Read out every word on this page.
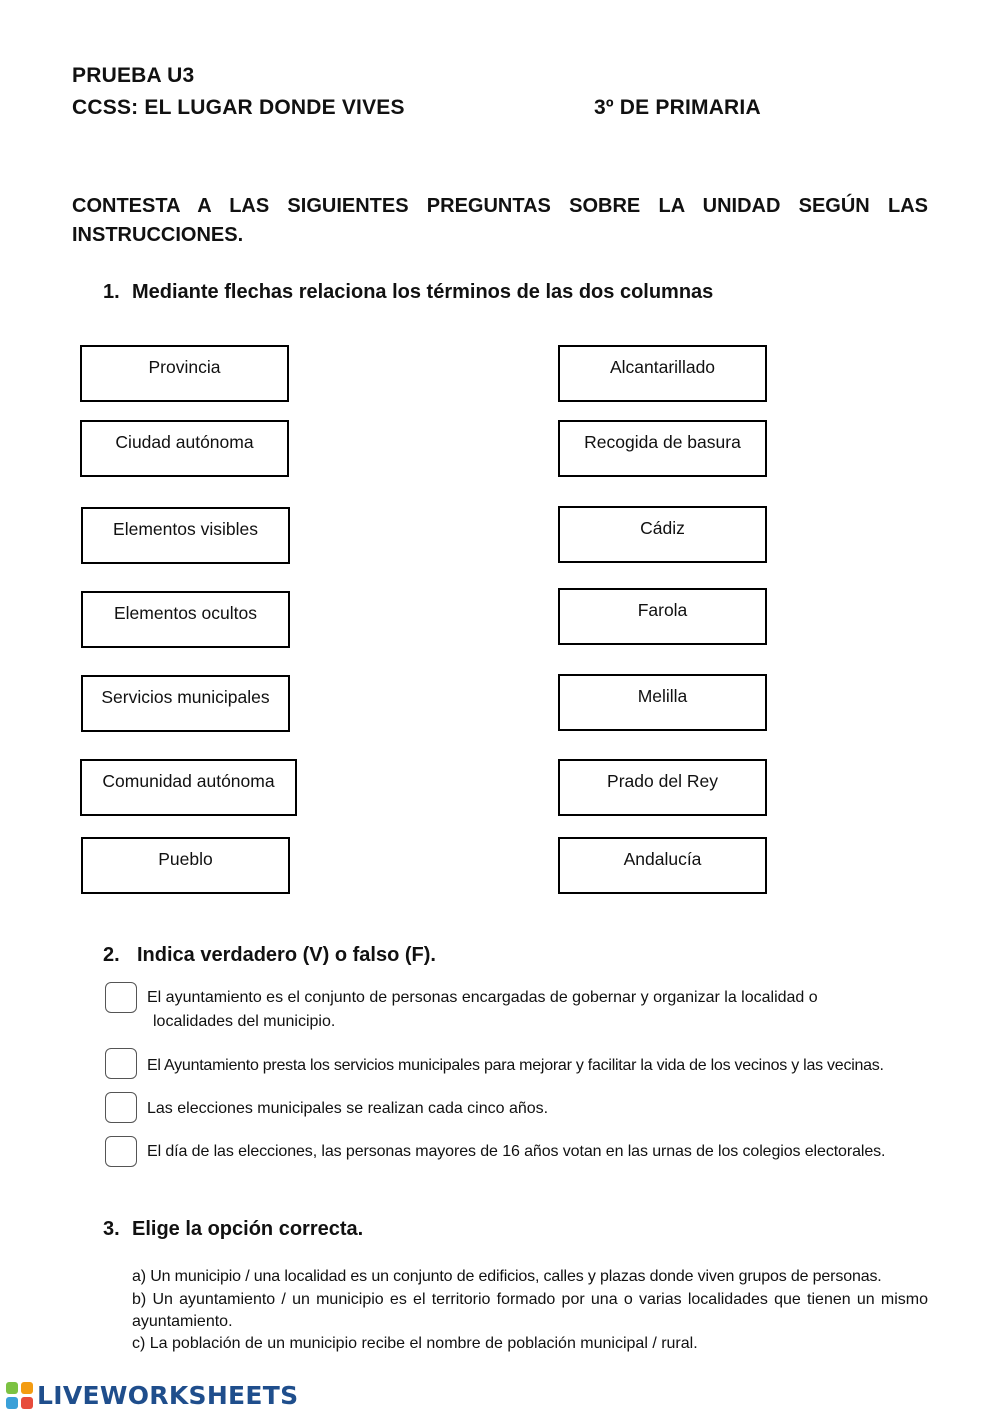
PRUEBA U3
CCSS: EL LUGAR DONDE VIVES	3º DE PRIMARIA
CONTESTA A LAS SIGUIENTES PREGUNTAS SOBRE LA UNIDAD SEGÚN LAS INSTRUCCIONES.
1. Mediante flechas relaciona los términos de las dos columnas
Provincia
Ciudad autónoma
Elementos visibles
Elementos ocultos
Servicios municipales
Comunidad autónoma
Pueblo
Alcantarillado
Recogida de basura
Cádiz
Farola
Melilla
Prado del Rey
Andalucía
2. Indica verdadero (V) o falso (F).
El ayuntamiento es el conjunto de personas encargadas de gobernar y organizar la localidad o
localidades del municipio.
El Ayuntamiento presta los servicios municipales para mejorar y facilitar la vida de los vecinos y las vecinas.
Las elecciones municipales se realizan cada cinco años.
El día de las elecciones, las personas mayores de 16 años votan en las urnas de los colegios electorales.
3. Elige la opción correcta.
a) Un municipio / una localidad es un conjunto de edificios, calles y plazas donde viven grupos de personas.
b) Un ayuntamiento / un municipio es el territorio formado por una o varias localidades que tienen un mismo ayuntamiento.
c) La población de un municipio recibe el nombre de población municipal / rural.
LIVEWORKSHEETS
